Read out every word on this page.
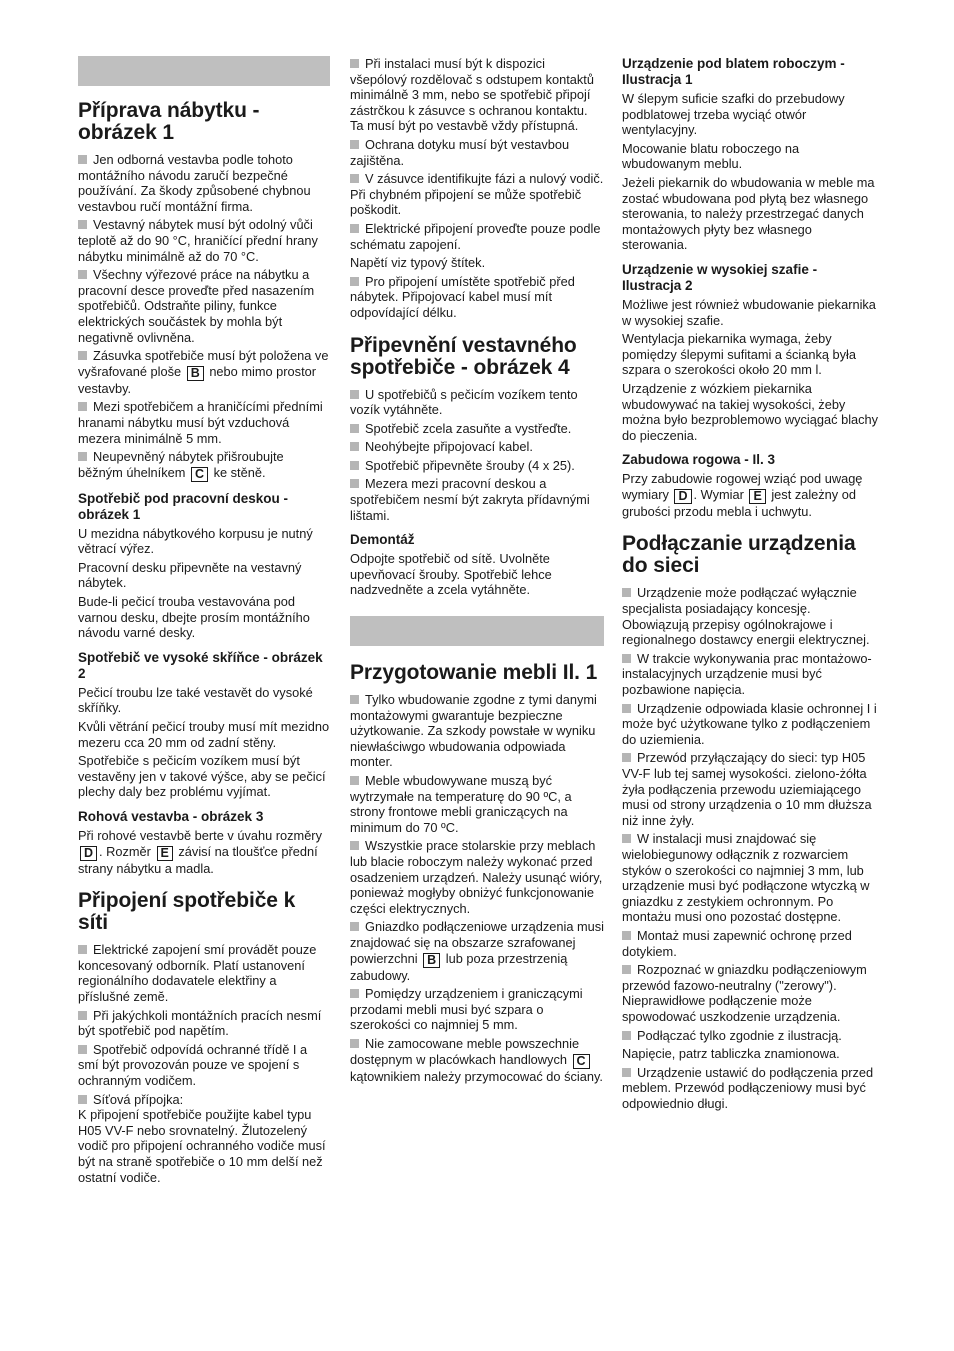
Příprava nábytku - obrázek 1

Jen odborná vestavba podle tohoto montážního návodu zaručí bezpečné používání. Za škody způsobené chybnou vestavbou ručí montážní firma.

Vestavný nábytek musí být odolný vůči teplotě až do 90 °C, hraničící přední hrany nábytku minimálně až do 70 °C.

Všechny výřezové práce na nábytku a pracovní desce proveďte před nasazením spotřebičů. Odstraňte piliny, funkce elektrických součástek by mohla být negativně ovlivněna.

Zásuvka spotřebiče musí být položena ve vyšrafované ploše B nebo mimo prostor vestavby.

Mezi spotřebičem a hraničícími předními hranami nábytku musí být vzduchová mezera minimálně 5 mm.

Neupevněný nábytek přišroubujte běžným úhelníkem C ke stěně.

Spotřebič pod pracovní deskou - obrázek 1

U mezidna nábytkového korpusu je nutný větrací výřez.

Pracovní desku připevněte na vestavný nábytek.

Bude-li pečicí trouba vestavována pod varnou desku, dbejte prosím montážního návodu varné desky.

Spotřebič ve vysoké skříňce - obrázek 2

Pečicí troubu lze také vestavět do vysoké skříňky.

Kvůli větrání pečicí trouby musí mít mezidno mezeru cca 20 mm od zadní stěny.

Spotřebiče s pečicím vozíkem musí být vestavěny jen v takové výšce, aby se pečicí plechy daly bez problému vyjímat.

Rohová vestavba - obrázek 3

Při rohové vestavbě berte v úvahu rozměry D . Rozměr E závisí na tloušťce přední strany nábytku a madla.

Připojení spotřebiče k síti

Elektrické zapojení smí provádět pouze koncesovaný odborník. Platí ustanovení regionálního dodavatele elektřiny a příslušné zemĕ.

Při jakýchkoli montážních pracích nesmí být spotřebič pod napětím.

Spotřebič odpovídá ochranné třídě I a smí být provozován pouze ve spojení s ochranným vodičem.

Síťová přípojka:

K připojení spotřebiče použijte kabel typu H05 VV-F nebo srovnatelný. Žlutozelený vodič pro připojení ochranného vodiče musí být na straně spotřebiče o 10 mm delší než ostatní vodiče.

Při instalaci musí být k dispozici všepólový rozdělovač s odstupem kontaktů minimálně 3 mm, nebo se spotřebič připojí zástrčkou k zásuvce s ochranou kontaktu. Ta musí být po vestavbě vždy přístupná.

Ochrana dotyku musí být vestavbou zajištěna.

V zásuvce identifikujte fázi a nulový vodič. Při chybném připojení se může spotřebič poškodit.

Elektrické připojení proveďte pouze podle schématu zapojení.

Napětí viz typový štítek.

Pro připojení umístěte spotřebič před nábytek. Připojovací kabel musí mít odpovídající délku.

Připevnění vestavného spotřebiče - obrázek 4

U spotřebičů s pečicím vozíkem tento vozík vytáhněte.

Spotřebič zcela zasuňte a vystřeďte.

Neohýbejte připojovací kabel.

Spotřebič připevněte šrouby (4 x 25).

Mezera mezi pracovní deskou a spotřebičem nesmí být zakryta přídavnými lištami.

Demontáž

Odpojte spotřebič od sítě. Uvolněte upevňovací šrouby. Spotřebič lehce nadzvedněte a zcela vytáhněte.

Przygotowanie mebli Il. 1

Tylko wbudowanie zgodne z tymi danymi montażowymi gwarantuje bezpieczne użytkowanie. Za szkody powstałe w wyniku niewłaściwgo wbudowania odpowiada monter.

Meble wbudowywane muszą być wytrzymałe na temperaturę do 90 ºC, a strony frontowe mebli graniczących na minimum do 70 ºC.

Wszystkie prace stolarskie przy meblach lub blacie roboczym należy wykonać przed osadzeniem urządzeń. Należy usunąć wióry, ponieważ mogłyby obniżyć funkcjonowanie części elektrycznych.

Gniazdko podłączeniowe urządzenia musi znajdować się na obszarze szrafowanej powierzchni B lub poza przestrzenią zabudowy.

Pomiędzy urządzeniem i graniczącymi przodami mebli musi być szpara o szerokości co najmniej 5 mm.

Nie zamocowane meble powszechnie dostępnym w placówkach handlowych C kątownikiem należy przymocować do ściany.

Urządzenie pod blatem roboczym - Ilustracja 1

W ślepym suficie szafki do przebudowy podblatowej trzeba wyciąć otwór wentylacyjny.

Mocowanie blatu roboczego na wbudowanym meblu.

Jeżeli piekarnik do wbudowania w meble ma zostać wbudowana pod płytą bez własnego sterowania, to należy przestrzegać danych montażowych płyty bez własnego sterowania.

Urządzenie w wysokiej szafie - Ilustracja 2

Możliwe jest również wbudowanie piekarnika w wysokiej szafie.

Wentylacja piekarnika wymaga, żeby pomiędzy ślepymi sufitami a ścianką była szpara o szerokości około 20 mm l.

Urządzenie z wózkiem piekarnika wbudowywać na takiej wysokości, żeby można było bezproblemowo wyciągać blachy do pieczenia.

Zabudowa rogowa - Il. 3

Przy zabudowie rogowej wziąć pod uwagę wymiary D . Wymiar E jest zależny od grubości przodu mebla i uchwytu.

Podłączanie urządzenia do sieci

Urządzenie może podłączać wyłącznie specjalista posiadający koncesję. Obowiązują przepisy ogólnokrajowe i regionalnego dostawcy energii elektrycznej.

W trakcie wykonywania prac montażowo-instalacyjnych urządzenie musi być pozbawione napięcia.

Urządzenie odpowiada klasie ochronnej I i może być użytkowane tylko z podłączeniem do uziemienia.

Przewód przyłączający do sieci: typ H05 VV-F lub tej samej wysokości. zielono-żółta żyła podłączenia przewodu uziemiającego musi od strony urządzenia o 10 mm dłuższa niż inne żyły.

W instalacji musi znajdować się wielobiegunowy odłącznik z rozwarciem styków o szerokości co najmniej 3 mm, lub urządzenie musi być podłączone wtyczką w gniazdku z zestykiem ochronnym. Po montażu musi ono pozostać dostępne.

Montaż musi zapewnić ochronę przed dotykiem.

Rozpoznać w gniazdku podłączeniowym przewód fazowo-neutralny ("zerowy"). Nieprawidłowe podłączenie może spowodować uszkodzenie urządzenia.

Podłączać tylko zgodnie z ilustracją.

Napięcie, patrz tabliczka znamionowa.

Urządzenie ustawić do podłączenia przed meblem. Przewód podłączeniowy musi być odpowiednio długi.
